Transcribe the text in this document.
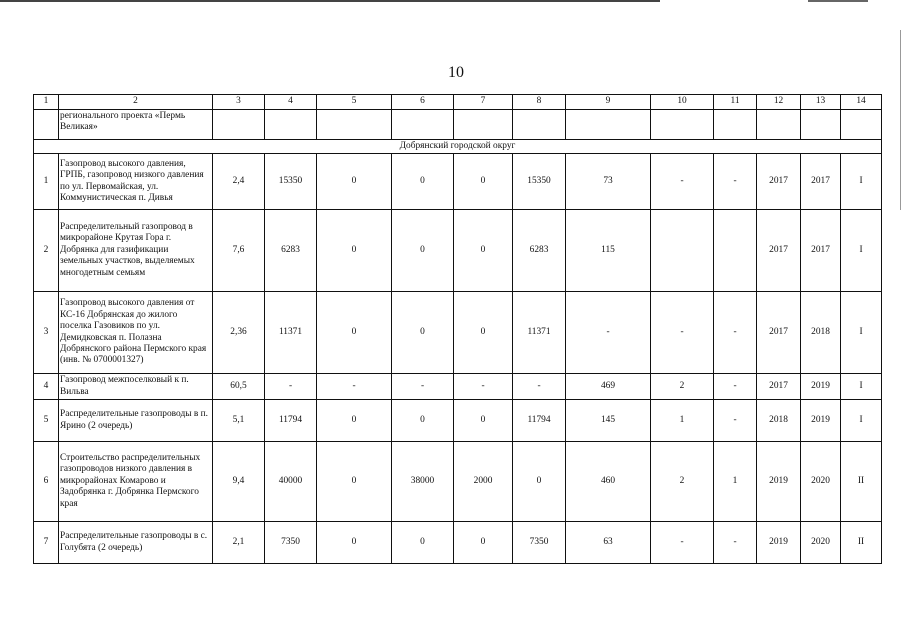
10
1	2	3	4	5	6	7	8	9	10	11	12	13	14
	регионального проекта «Пермь Великая»												
Добрянский городской округ													
1	Газопровод высокого давления, ГРПБ, газопровод низкого давления по ул. Первомайская, ул. Коммунистическая п. Дивья	2,4	15350	0	0	0	15350	73	-	-	2017	2017	I
2	Распределительный газопровод в микрорайоне Крутая Гора г. Добрянка для газификации земельных участков, выделяемых многодетным семьям	7,6	6283	0	0	0	6283	115			2017	2017	I
3	Газопровод высокого давления от КС-16 Добрянская до жилого поселка Газовиков по ул. Демидковская п. Полазна Добрянского района Пермского края (инв. № 0700001327)	2,36	11371	0	0	0	11371	-	-	-	2017	2018	I
4	Газопровод межпоселковый к п. Вильва	60,5	-	-	-	-	-	469	2	-	2017	2019	I
5	Распределительные газопроводы в п. Ярино (2 очередь)	5,1	11794	0	0	0	11794	145	1	-	2018	2019	I
6	Строительство распределительных газопроводов низкого давления в микрорайонах Комарово и Задобрянка г. Добрянка Пермского края	9,4	40000	0	38000	2000	0	460	2	1	2019	2020	II
7	Распределительные газопроводы в с. Голубята (2 очередь)	2,1	7350	0	0	0	7350	63	-	-	2019	2020	II
